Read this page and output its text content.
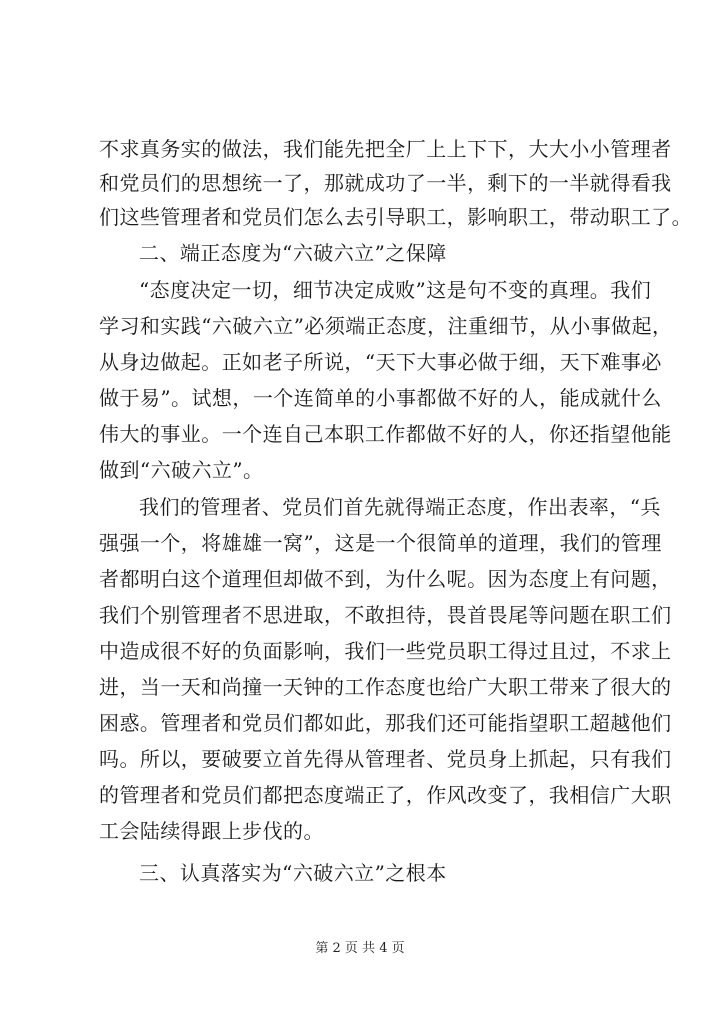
不求真务实的做法，我们能先把全厂上上下下，大大小小管理者
和党员们的思想统一了，那就成功了一半，剩下的一半就得看我
们这些管理者和党员们怎么去引导职工，影响职工，带动职工了。
二、端正态度为“六破六立”之保障
“态度决定一切，细节决定成败”这是句不变的真理。我们
学习和实践“六破六立”必须端正态度，注重细节，从小事做起，
从身边做起。正如老子所说，“天下大事必做于细，天下难事必
做于易”。试想，一个连简单的小事都做不好的人，能成就什么
伟大的事业。一个连自己本职工作都做不好的人，你还指望他能
做到“六破六立”。
我们的管理者、党员们首先就得端正态度，作出表率，“兵
强强一个，将雄雄一窝”，这是一个很简单的道理，我们的管理
者都明白这个道理但却做不到，为什么呢。因为态度上有问题，
我们个别管理者不思进取，不敢担待，畏首畏尾等问题在职工们
中造成很不好的负面影响，我们一些党员职工得过且过，不求上
进，当一天和尚撞一天钟的工作态度也给广大职工带来了很大的
困惑。管理者和党员们都如此，那我们还可能指望职工超越他们
吗。所以，要破要立首先得从管理者、党员身上抓起，只有我们
的管理者和党员们都把态度端正了，作风改变了，我相信广大职
工会陆续得跟上步伐的。
三、认真落实为“六破六立”之根本
第 2 页 共 4 页
